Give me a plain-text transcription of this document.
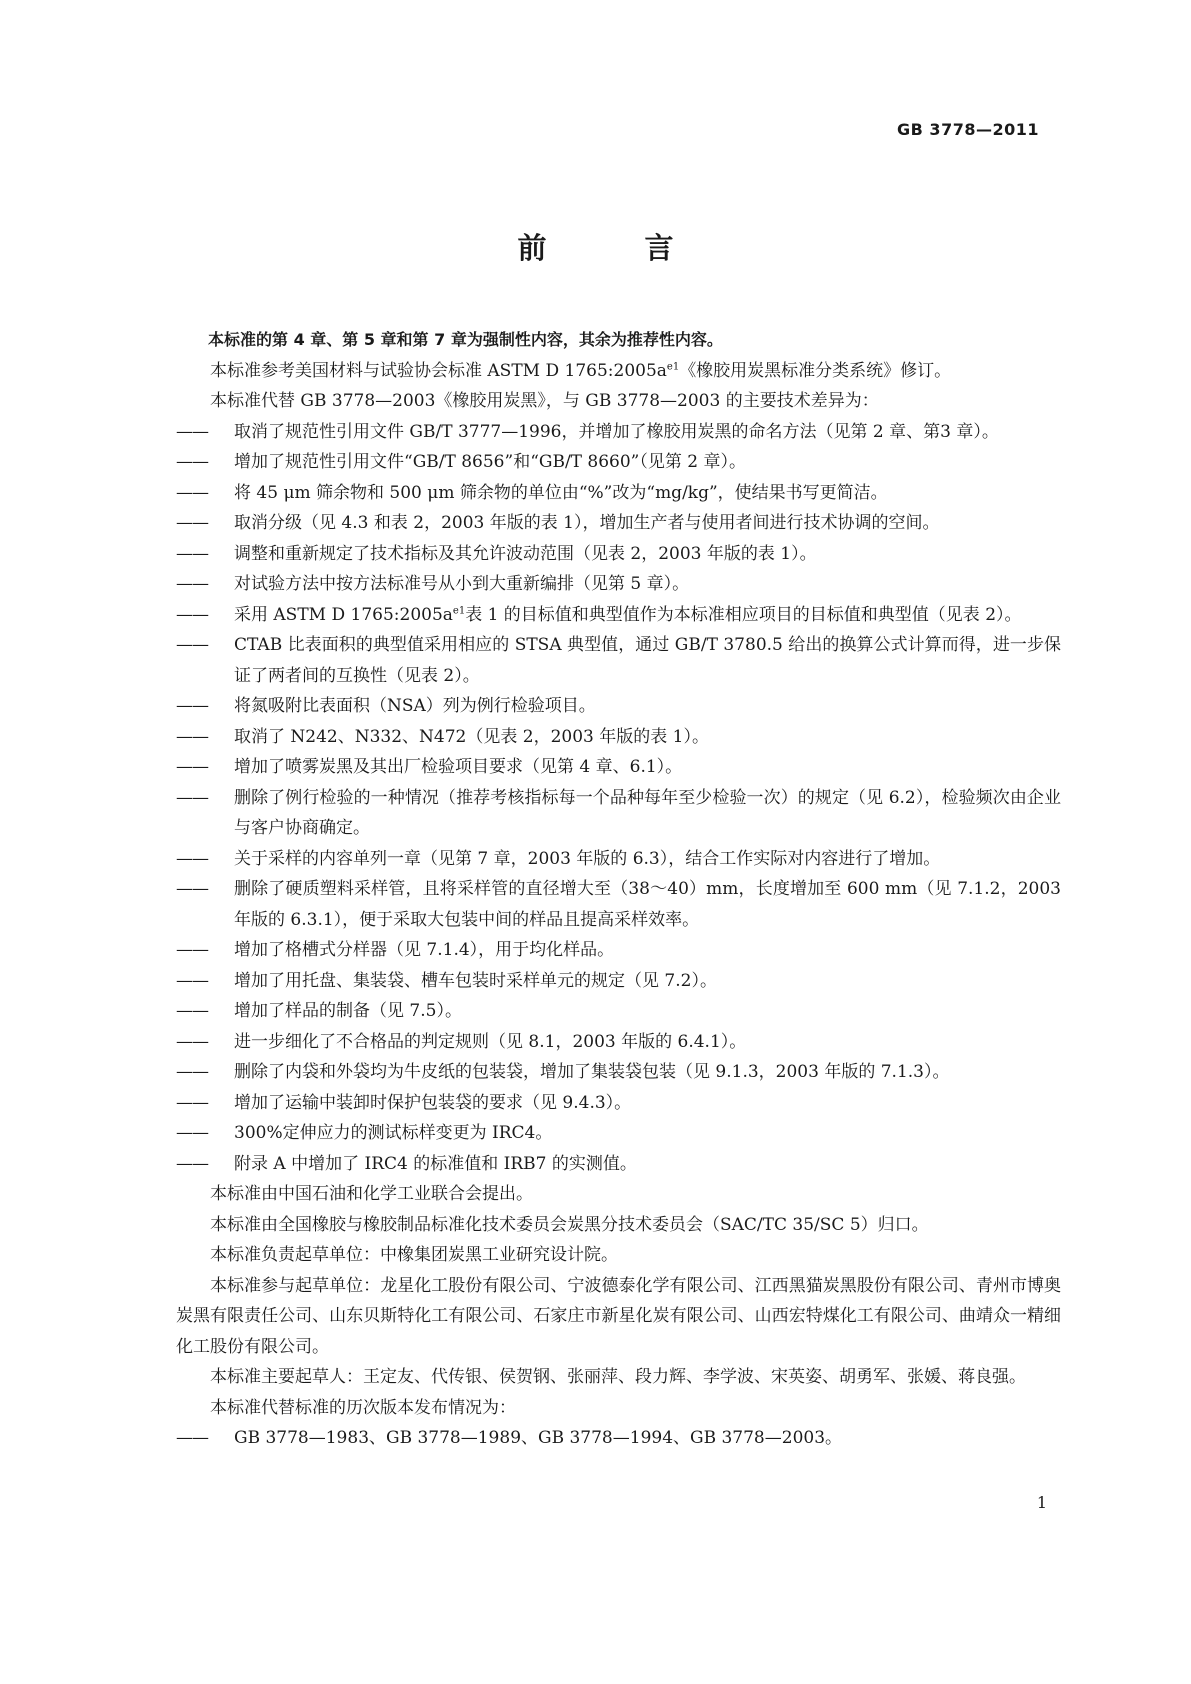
GB 3778—2011
前 言

本标准的第 4 章、第 5 章和第 7 章为强制性内容，其余为推荐性内容。

本标准参考美国材料与试验协会标准 ASTM D $1765:2005a^{e1}$《橡胶用炭黑标准分类系统》修订。

本标准代替 GB 3778—2003《橡胶用炭黑》，与 GB 3778—2003 的主要技术差异为：

——	取消了规范性引用文件 GB/T 3777—1996，并增加了橡胶用炭黑的命名方法（见第 2 章、第3 章）。

——	增加了规范性引用文件“GB/T 8656”和“GB/T 8660”（见第 2 章）。

——	将 45 μm 筛余物和 500 μm 筛余物的单位由“%”改为“mg/kg”，使结果书写更简洁。

——	取消分级（见 4.3 和表 2，2003 年版的表 1），增加生产者与使用者间进行技术协调的空间。

——	调整和重新规定了技术指标及其允许波动范围（见表 2，2003 年版的表 1）。

——	对试验方法中按方法标准号从小到大重新编排（见第 5 章）。

——	采用 ASTM D $1765:2005a^{e1}$表 1 的目标值和典型值作为本标准相应项目的目标值和典型值（见表 2）。

——	CTAB 比表面积的典型值采用相应的 STSA 典型值，通过 GB/T 3780.5 给出的换算公式计算而得，进一步保证了两者间的互换性（见表 2）。

——	将氮吸附比表面积（NSA）列为例行检验项目。

——	取消了 N242、N332、N472（见表 2，2003 年版的表 1）。

——	增加了喷雾炭黑及其出厂检验项目要求（见第 4 章、6.1）。

——	删除了例行检验的一种情况（推荐考核指标每一个品种每年至少检验一次）的规定（见 6.2），检验频次由企业与客户协商确定。

——	关于采样的内容单列一章（见第 7 章，2003 年版的 6.3），结合工作实际对内容进行了增加。

——	删除了硬质塑料采样管，且将采样管的直径增大至（38～40）mm，长度增加至 600 mm（见 7.1.2，2003 年版的 6.3.1），便于采取大包装中间的样品且提高采样效率。

——	增加了格槽式分样器（见 7.1.4），用于均化样品。

——	增加了用托盘、集装袋、槽车包装时采样单元的规定（见 7.2）。

——	增加了样品的制备（见 7.5）。

——	进一步细化了不合格品的判定规则（见 8.1，2003 年版的 6.4.1）。

——	删除了内袋和外袋均为牛皮纸的包装袋，增加了集装袋包装（见 9.1.3，2003 年版的 7.1.3）。

——	增加了运输中装卸时保护包装袋的要求（见 9.4.3）。

——	300%定伸应力的测试标样变更为 IRC4。

——	附录 A 中增加了 IRC4 的标准值和 IRB7 的实测值。

本标准由中国石油和化学工业联合会提出。

本标准由全国橡胶与橡胶制品标准化技术委员会炭黑分技术委员会（SAC/TC 35/SC 5）归口。

本标准负责起草单位：中橡集团炭黑工业研究设计院。

本标准参与起草单位：龙星化工股份有限公司、宁波德泰化学有限公司、江西黑猫炭黑股份有限公司、青州市博奥炭黑有限责任公司、山东贝斯特化工有限公司、石家庄市新星化炭有限公司、山西宏特煤化工有限公司、曲靖众一精细化工股份有限公司。

本标准主要起草人：王定友、代传银、侯贺钢、张丽萍、段力辉、李学波、宋英姿、胡勇军、张媛、蒋良强。

本标准代替标准的历次版本发布情况为：

——	GB 3778—1983、GB 3778—1989、GB 3778—1994、GB 3778—2003。

1
